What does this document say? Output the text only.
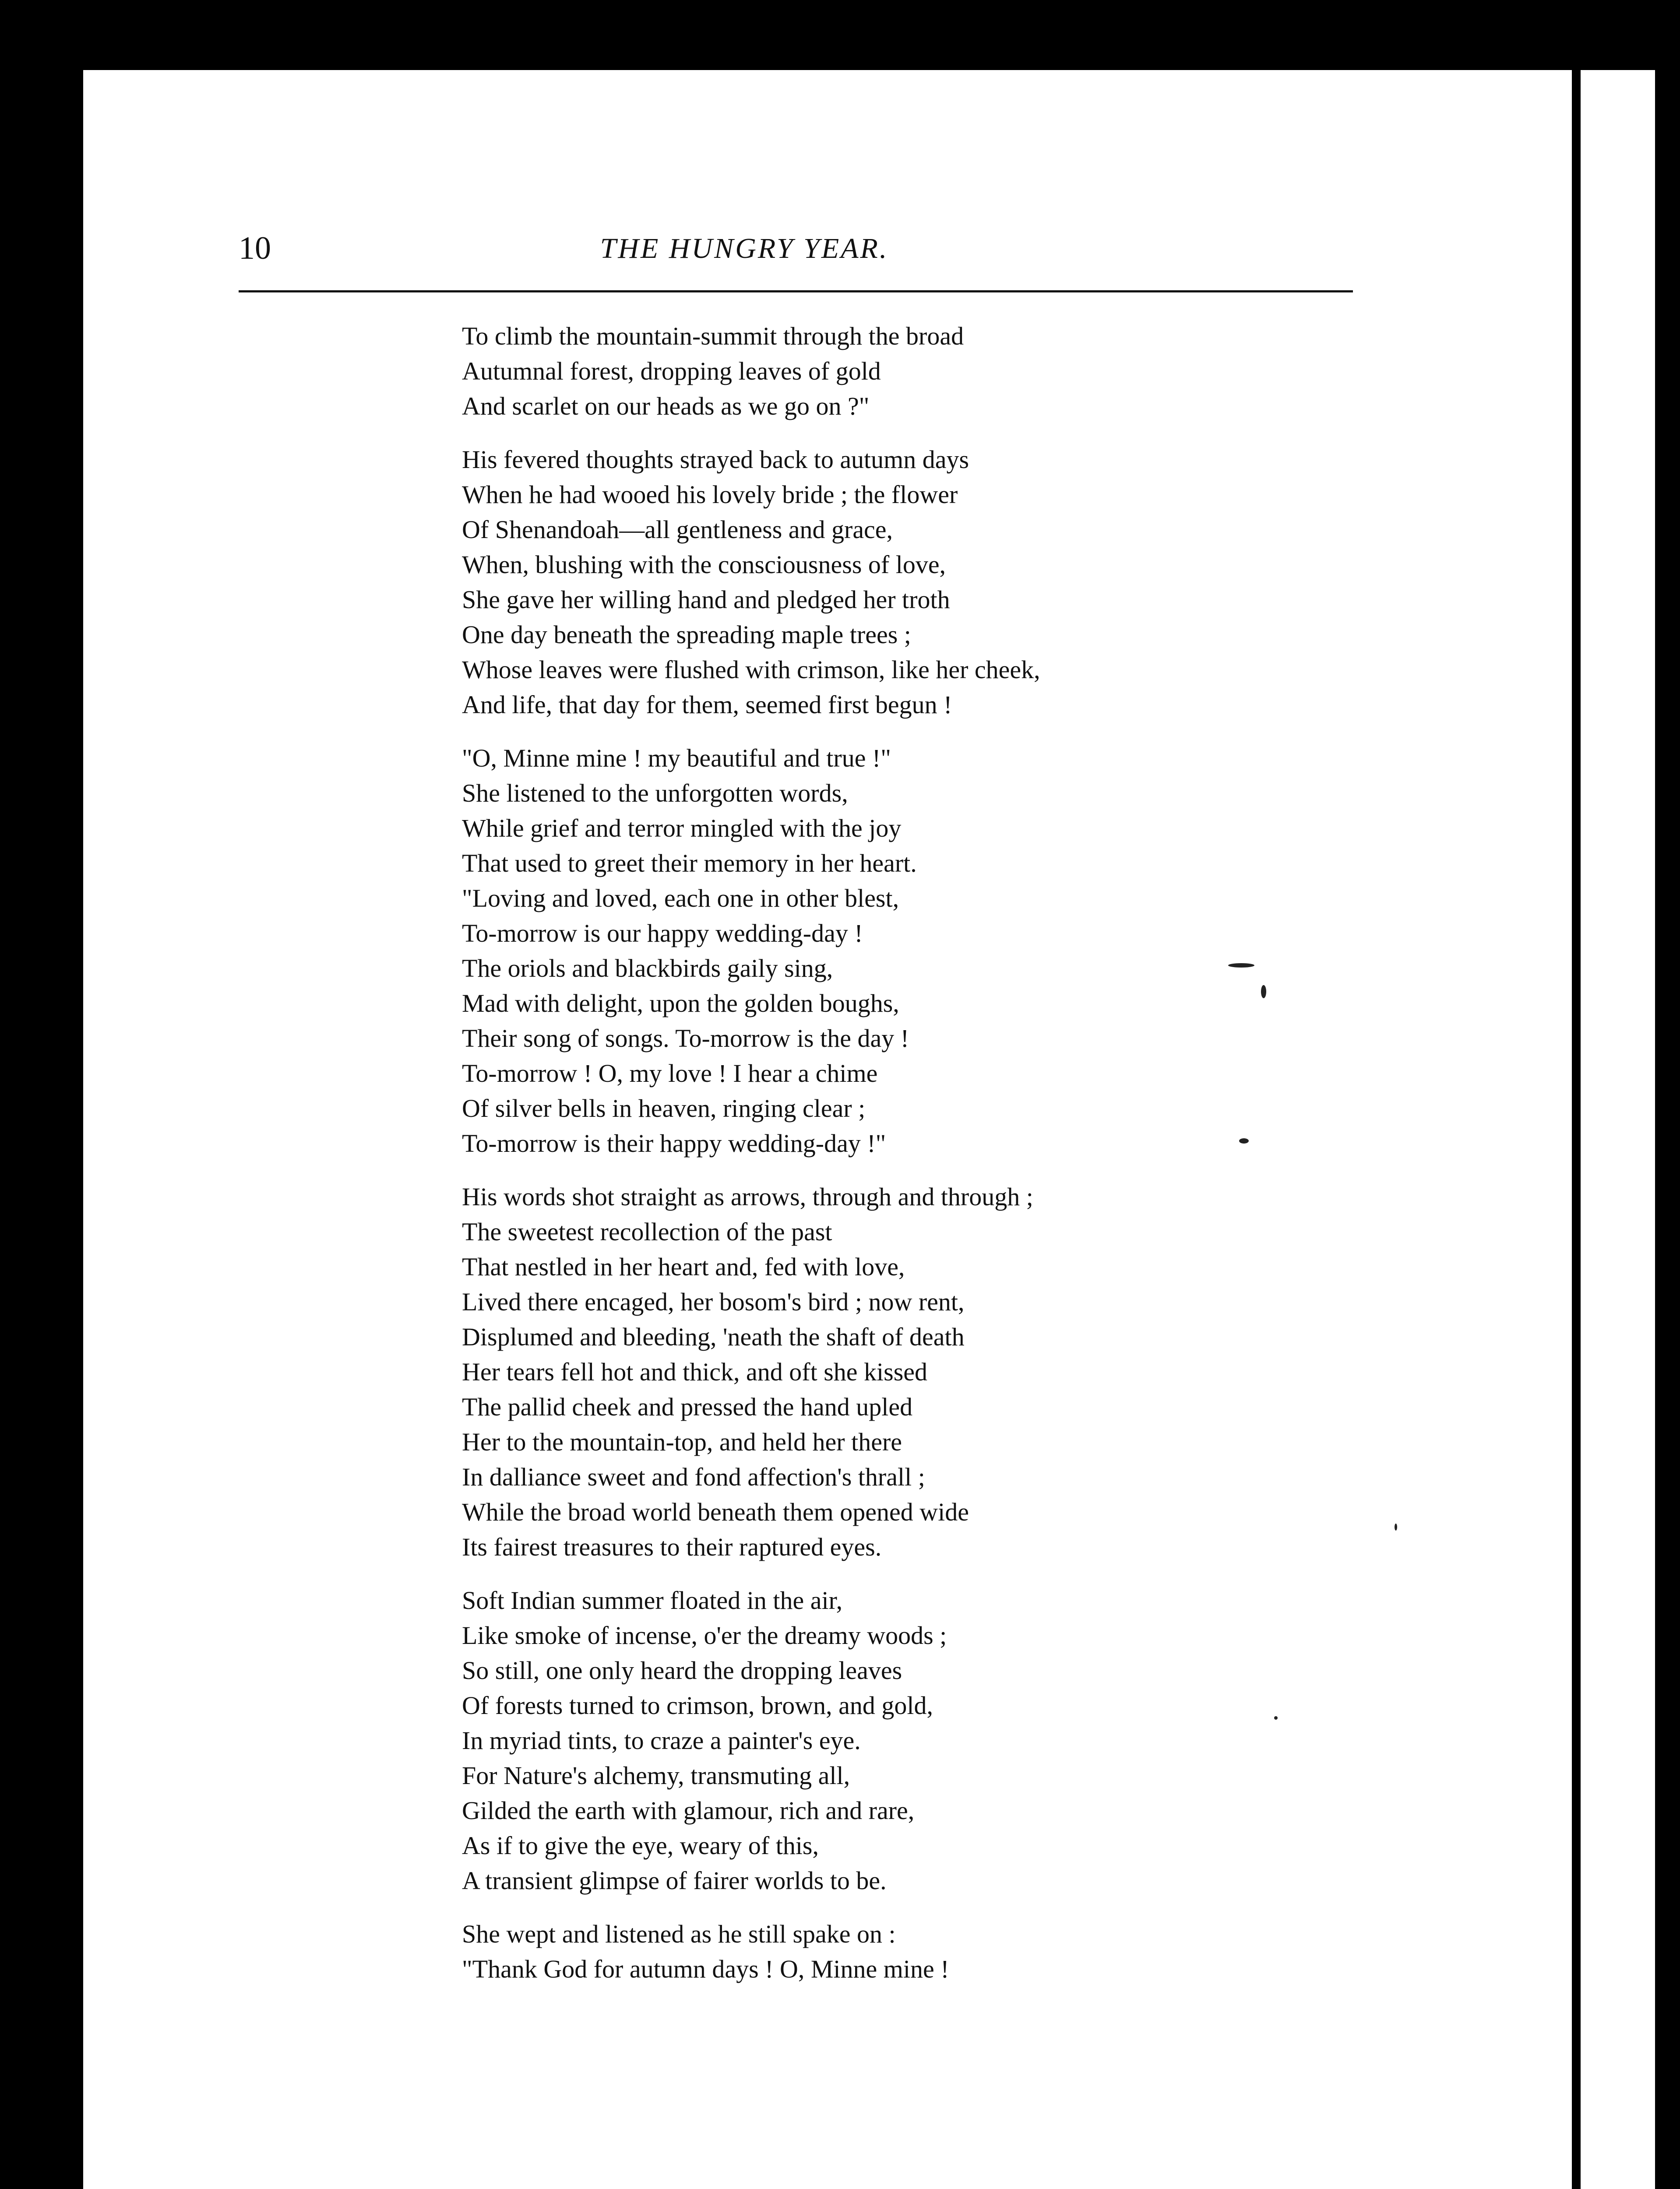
10	THE HUNGRY YEAR.
To climb the mountain-summit through the broad
Autumnal forest, dropping leaves of gold
And scarlet on our heads as we go on ?"
His fevered thoughts strayed back to autumn days
When he had wooed his lovely bride ; the flower
Of Shenandoah—all gentleness and grace,
When, blushing with the consciousness of love,
She gave her willing hand and pledged her troth
One day beneath the spreading maple trees ;
Whose leaves were flushed with crimson, like her cheek,
And life, that day for them, seemed first begun !
"O, Minne mine ! my beautiful and true !"
She listened to the unforgotten words,
While grief and terror mingled with the joy
That used to greet their memory in her heart.
"Loving and loved, each one in other blest,
To-morrow is our happy wedding-day !
The oriols and blackbirds gaily sing,
Mad with delight, upon the golden boughs,
Their song of songs. To-morrow is the day !
To-morrow ! O, my love ! I hear a chime
Of silver bells in heaven, ringing clear ;
To-morrow is their happy wedding-day !"
His words shot straight as arrows, through and through ;
The sweetest recollection of the past
That nestled in her heart and, fed with love,
Lived there encaged, her bosom's bird ; now rent,
Displumed and bleeding, 'neath the shaft of death
Her tears fell hot and thick, and oft she kissed
The pallid cheek and pressed the hand upled
Her to the mountain-top, and held her there
In dalliance sweet and fond affection's thrall ;
While the broad world beneath them opened wide
Its fairest treasures to their raptured eyes.
Soft Indian summer floated in the air,
Like smoke of incense, o'er the dreamy woods ;
So still, one only heard the dropping leaves
Of forests turned to crimson, brown, and gold,
In myriad tints, to craze a painter's eye.
For Nature's alchemy, transmuting all,
Gilded the earth with glamour, rich and rare,
As if to give the eye, weary of this,
A transient glimpse of fairer worlds to be.
She wept and listened as he still spake on :
"Thank God for autumn days ! O, Minne mine !
